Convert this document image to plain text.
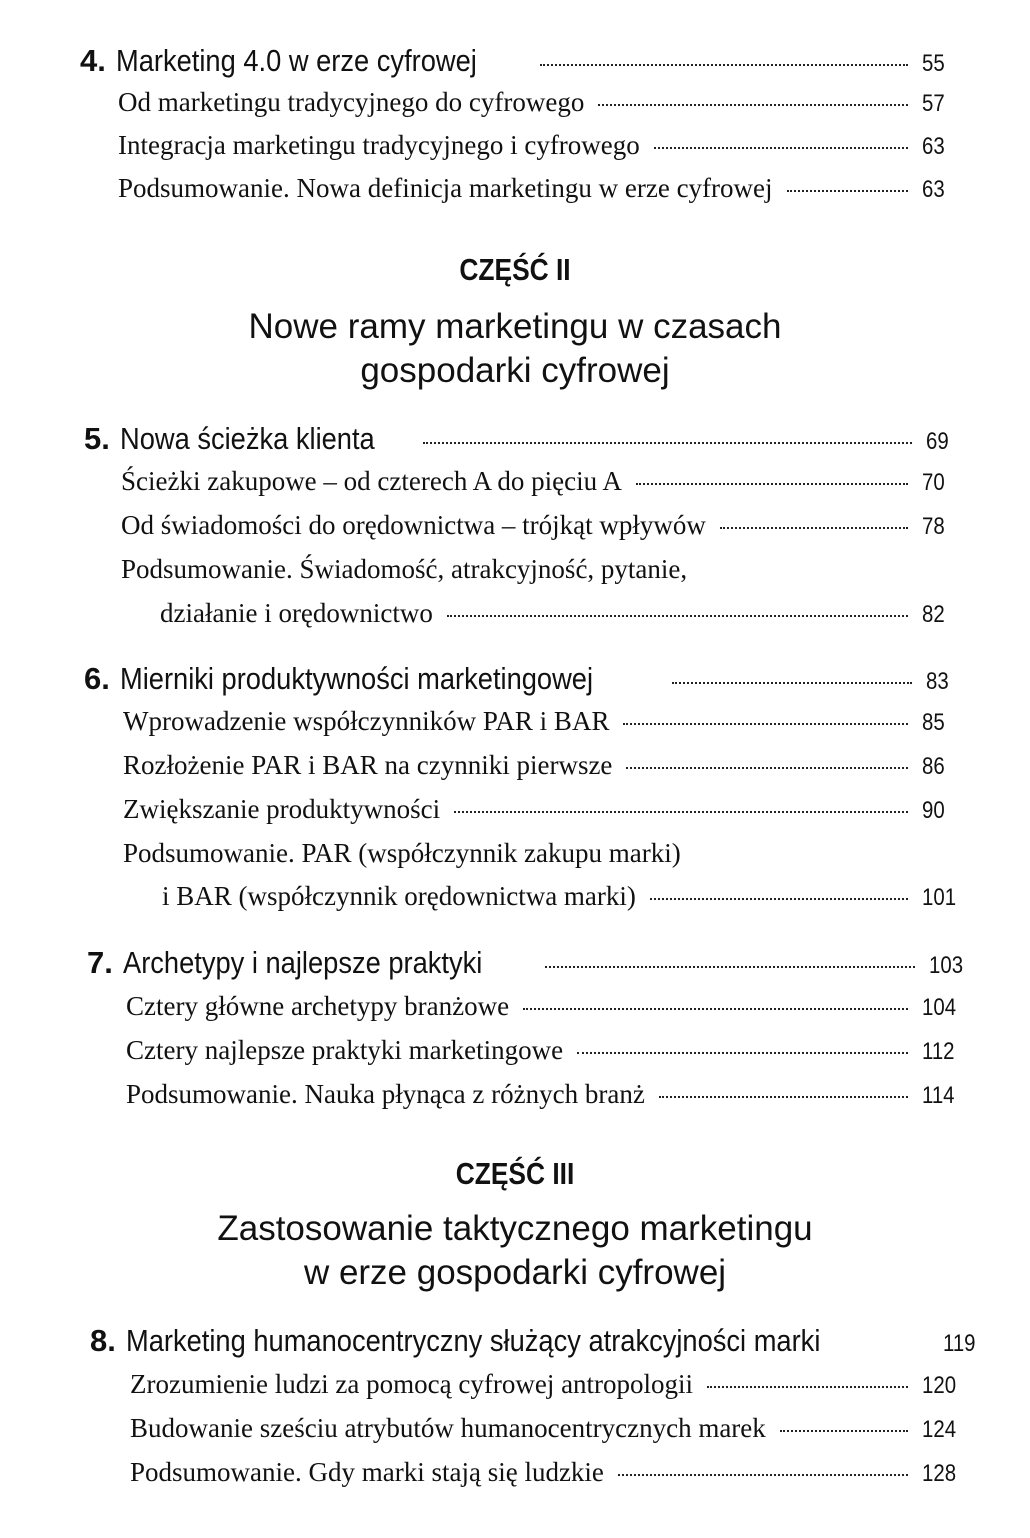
4. Marketing 4.0 w erze cyfrowej	55
Od marketingu tradycyjnego do cyfrowego	57
Integracja marketingu tradycyjnego i cyfrowego	63
Podsumowanie. Nowa definicja marketingu w erze cyfrowej	63
CZĘŚĆ II
Nowe ramy marketingu w czasach
gospodarki cyfrowej
5. Nowa ścieżka klienta	69
Ścieżki zakupowe – od czterech A do pięciu A	70
Od świadomości do orędownictwa – trójkąt wpływów	78
Podsumowanie. Świadomość, atrakcyjność, pytanie,
działanie i orędownictwo	82
6. Mierniki produktywności marketingowej	83
Wprowadzenie współczynników PAR i BAR	85
Rozłożenie PAR i BAR na czynniki pierwsze	86
Zwiększanie produktywności	90
Podsumowanie. PAR (współczynnik zakupu marki)
i BAR (współczynnik orędownictwa marki)	101
7. Archetypy i najlepsze praktyki	103
Cztery główne archetypy branżowe	104
Cztery najlepsze praktyki marketingowe	112
Podsumowanie. Nauka płynąca z różnych branż	114
CZĘŚĆ III
Zastosowanie taktycznego marketingu
w erze gospodarki cyfrowej
8. Marketing humanocentryczny służący atrakcyjności marki	119
Zrozumienie ludzi za pomocą cyfrowej antropologii	120
Budowanie sześciu atrybutów humanocentrycznych marek	124
Podsumowanie. Gdy marki stają się ludzkie	128
